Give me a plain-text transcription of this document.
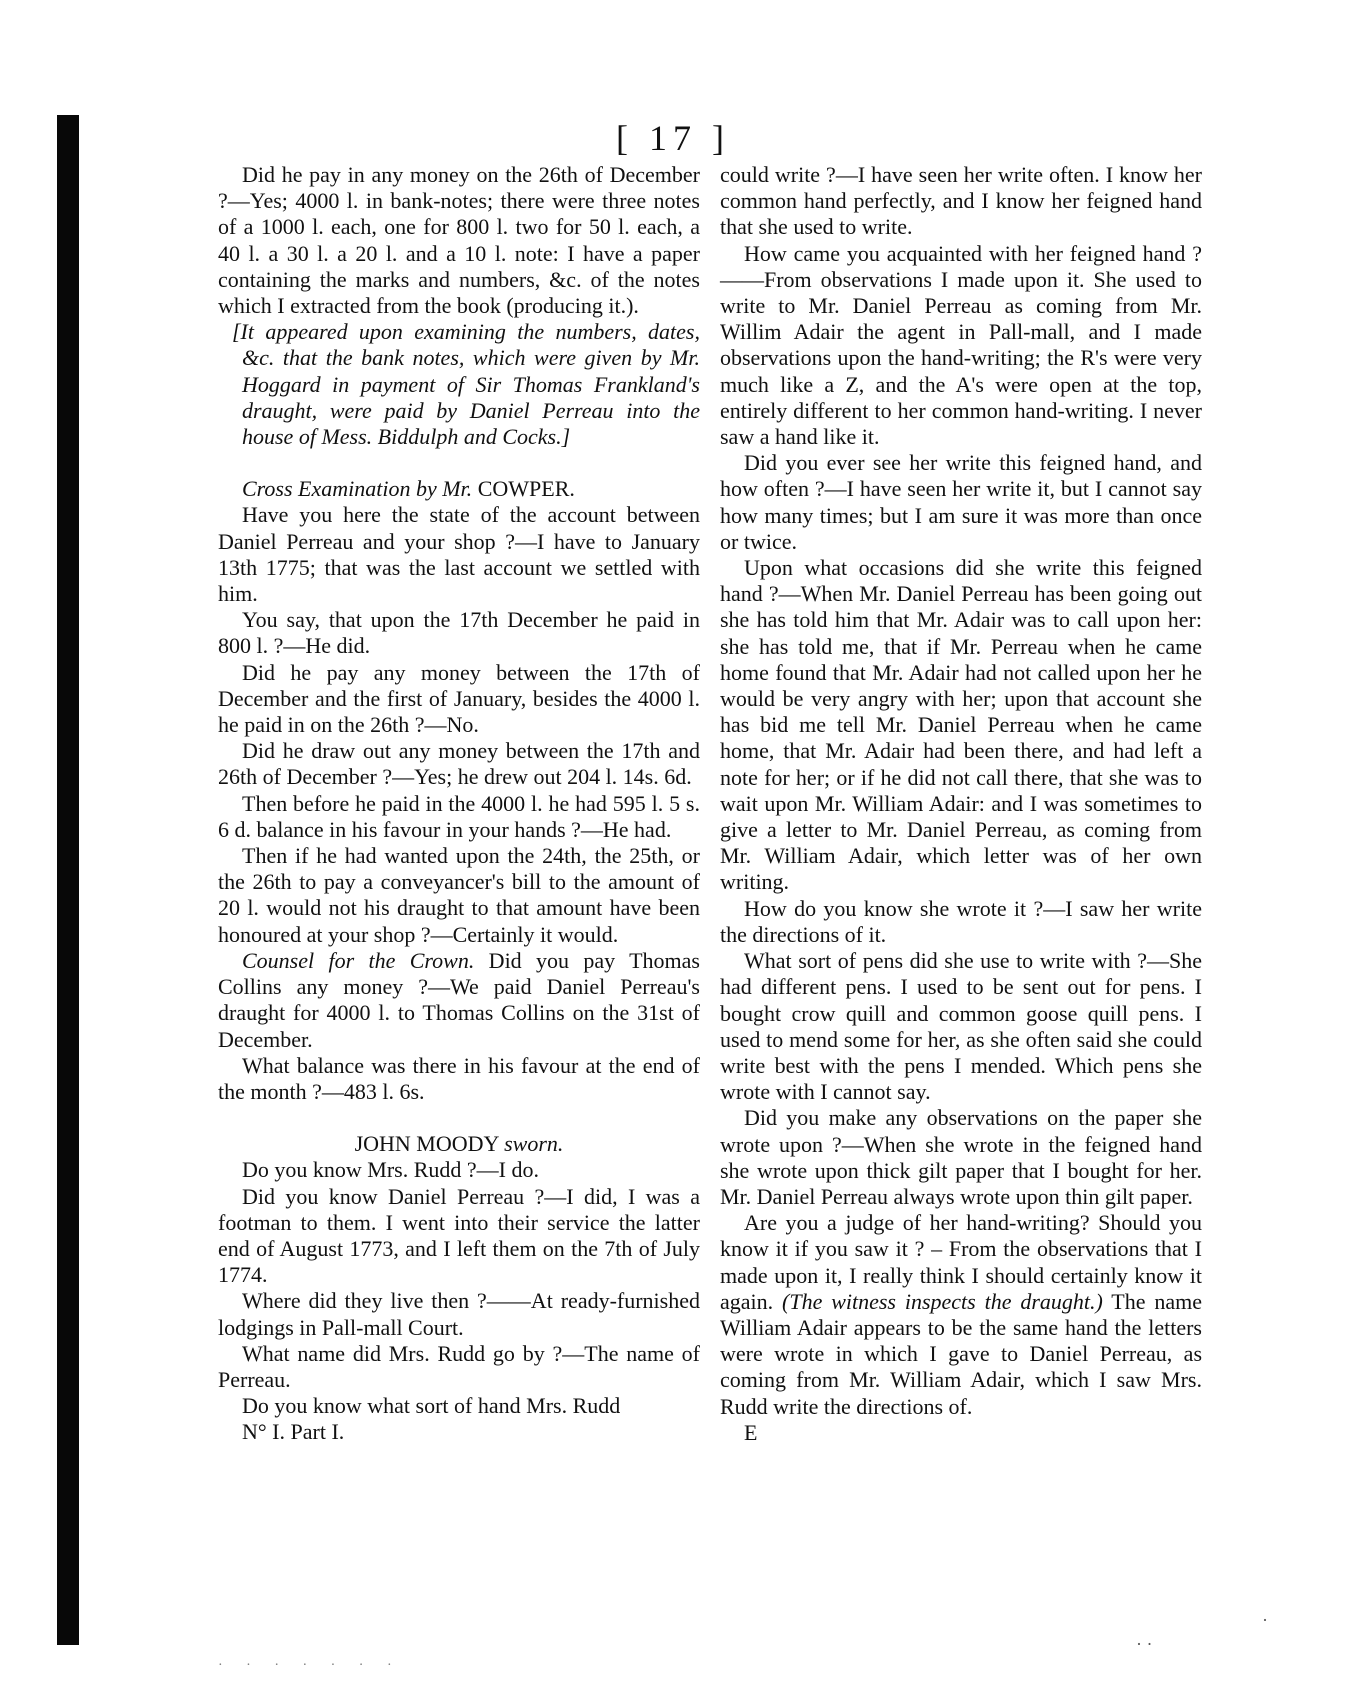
[ 17 ]

Did he pay in any money on the 26th of December ?—Yes; 4000 l. in bank-notes; there were three notes of a 1000 l. each, one for 800 l. two for 50 l. each, a 40 l. a 30 l. a 20 l. and a 10 l. note: I have a paper containing the marks and numbers, &c. of the notes which I extracted from the book (producing it.).

[It appeared upon examining the numbers, dates, &c. that the bank notes, which were given by Mr. Hoggard in payment of Sir Thomas Frankland's draught, were paid by Daniel Perreau into the house of Mess. Biddulph and Cocks.]

Cross Examination by Mr. COWPER.

Have you here the state of the account between Daniel Perreau and your shop ?—I have to January 13th 1775; that was the last account we settled with him.

You say, that upon the 17th December he paid in 800 l. ?—He did.

Did he pay any money between the 17th of December and the first of January, besides the 4000 l. he paid in on the 26th ?—No.

Did he draw out any money between the 17th and 26th of December ?—Yes; he drew out 204 l. 14s. 6d.

Then before he paid in the 4000 l. he had 595 l. 5 s. 6 d. balance in his favour in your hands ?—He had.

Then if he had wanted upon the 24th, the 25th, or the 26th to pay a conveyancer's bill to the amount of 20 l. would not his draught to that amount have been honoured at your shop ?—Certainly it would.

Counsel for the Crown. Did you pay Thomas Collins any money ?—We paid Daniel Perreau's draught for 4000 l. to Thomas Collins on the 31st of December.

What balance was there in his favour at the end of the month ?—483 l. 6s.

JOHN MOODY sworn.

Do you know Mrs. Rudd ?—I do.

Did you know Daniel Perreau ?—I did, I was a footman to them. I went into their service the latter end of August 1773, and I left them on the 7th of July 1774.

Where did they live then ?——At ready-furnished lodgings in Pall-mall Court.

What name did Mrs. Rudd go by ?—The name of Perreau.

Do you know what sort of hand Mrs. Rudd

N° I. Part I.

could write ?—I have seen her write often. I know her common hand perfectly, and I know her feigned hand that she used to write.

How came you acquainted with her feigned hand ?——From observations I made upon it. She used to write to Mr. Daniel Perreau as coming from Mr. Willim Adair the agent in Pall-mall, and I made observations upon the hand-writing; the R's were very much like a Z, and the A's were open at the top, entirely different to her common hand-writing. I never saw a hand like it.

Did you ever see her write this feigned hand, and how often ?—I have seen her write it, but I cannot say how many times; but I am sure it was more than once or twice.

Upon what occasions did she write this feigned hand ?—When Mr. Daniel Perreau has been going out she has told him that Mr. Adair was to call upon her: she has told me, that if Mr. Perreau when he came home found that Mr. Adair had not called upon her he would be very angry with her; upon that account she has bid me tell Mr. Daniel Perreau when he came home, that Mr. Adair had been there, and had left a note for her; or if he did not call there, that she was to wait upon Mr. William Adair: and I was sometimes to give a letter to Mr. Daniel Perreau, as coming from Mr. William Adair, which letter was of her own writing.

How do you know she wrote it ?—I saw her write the directions of it.

What sort of pens did she use to write with ?—She had different pens. I used to be sent out for pens. I bought crow quill and common goose quill pens. I used to mend some for her, as she often said she could write best with the pens I mended. Which pens she wrote with I cannot say.

Did you make any observations on the paper she wrote upon ?—When she wrote in the feigned hand she wrote upon thick gilt paper that I bought for her. Mr. Daniel Perreau always wrote upon thin gilt paper.

Are you a judge of her hand-writing? Should you know it if you saw it ? – From the observations that I made upon it, I really think I should certainly know it again. (The witness inspects the draught.) The name William Adair appears to be the same hand the letters were wrote in which I gave to Daniel Perreau, as coming from Mr. William Adair, which I saw Mrs. Rudd write the directions of.

E

· · · · · · ·
· ·
·
